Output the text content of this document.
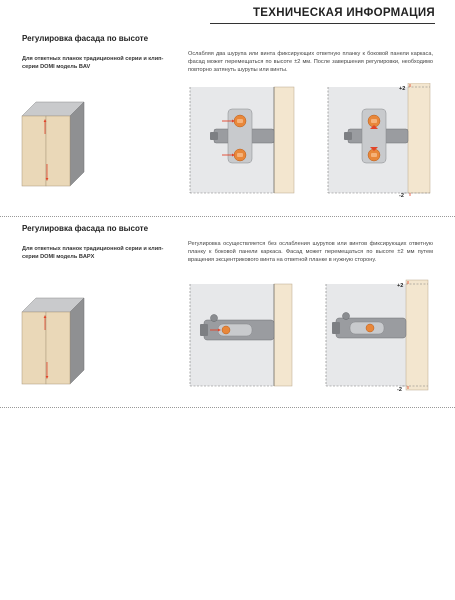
ТЕХНИЧЕСКАЯ ИНФОРМАЦИЯ
Регулировка фасада по высоте
Для ответных планок традиционной серии и клип-серии DOMI модель BAV
Ослабляя два шурупа или винта фиксирующих ответную планку к боковой панели каркаса, фасад может перемещаться по высоте ±2 мм. После завершения регулировки, необходимо повторно затянуть шурупы или винты.
+2
-2
Регулировка фасада по высоте
Для ответных планок традиционной серии и клип-серии DOMI модель BAPX
Регулировка осуществляется без ослабления шурупов или винтов фиксирующих ответную планку к боковой панели каркаса. Фасад может перемещаться по высоте ±2 мм путем вращения эксцентрикового винта на ответной планке в нужную сторону.
+2
-2
